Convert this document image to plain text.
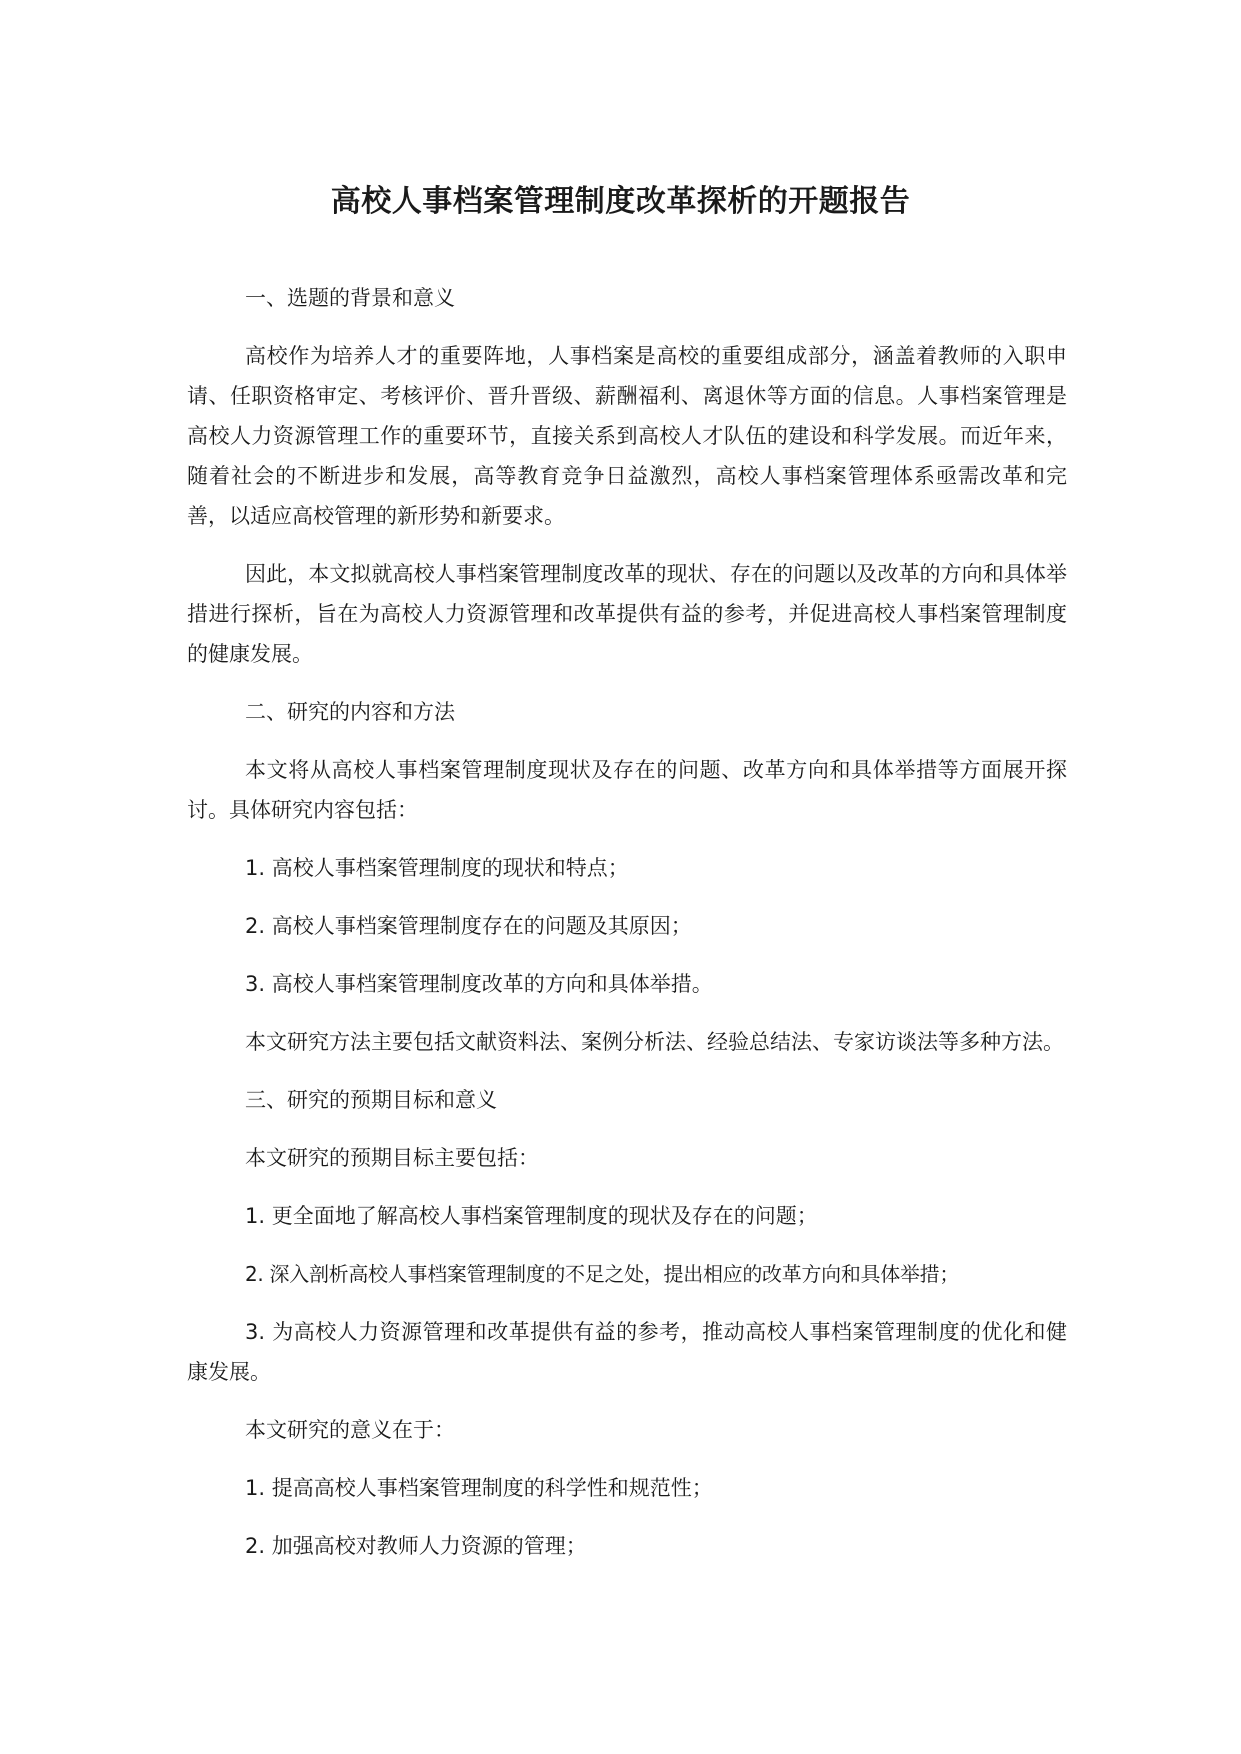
高校人事档案管理制度改革探析的开题报告
一、选题的背景和意义

高校作为培养人才的重要阵地，人事档案是高校的重要组成部分，涵盖着教师的入职申请、任职资格审定、考核评价、晋升晋级、薪酬福利、离退休等方面的信息。人事档案管理是高校人力资源管理工作的重要环节，直接关系到高校人才队伍的建设和科学发展。而近年来，随着社会的不断进步和发展，高等教育竞争日益激烈，高校人事档案管理体系亟需改革和完善，以适应高校管理的新形势和新要求。

因此，本文拟就高校人事档案管理制度改革的现状、存在的问题以及改革的方向和具体举措进行探析，旨在为高校人力资源管理和改革提供有益的参考，并促进高校人事档案管理制度的健康发展。

二、研究的内容和方法

本文将从高校人事档案管理制度现状及存在的问题、改革方向和具体举措等方面展开探讨。具体研究内容包括：

1. 高校人事档案管理制度的现状和特点；
2. 高校人事档案管理制度存在的问题及其原因；
3. 高校人事档案管理制度改革的方向和具体举措。

本文研究方法主要包括文献资料法、案例分析法、经验总结法、专家访谈法等多种方法。

三、研究的预期目标和意义
本文研究的预期目标主要包括：
1. 更全面地了解高校人事档案管理制度的现状及存在的问题；
2. 深入剖析高校人事档案管理制度的不足之处，提出相应的改革方向和具体举措；

3. 为高校人力资源管理和改革提供有益的参考，推动高校人事档案管理制度的优化和健康发展。

本文研究的意义在于：
1. 提高高校人事档案管理制度的科学性和规范性；
2. 加强高校对教师人力资源的管理；
